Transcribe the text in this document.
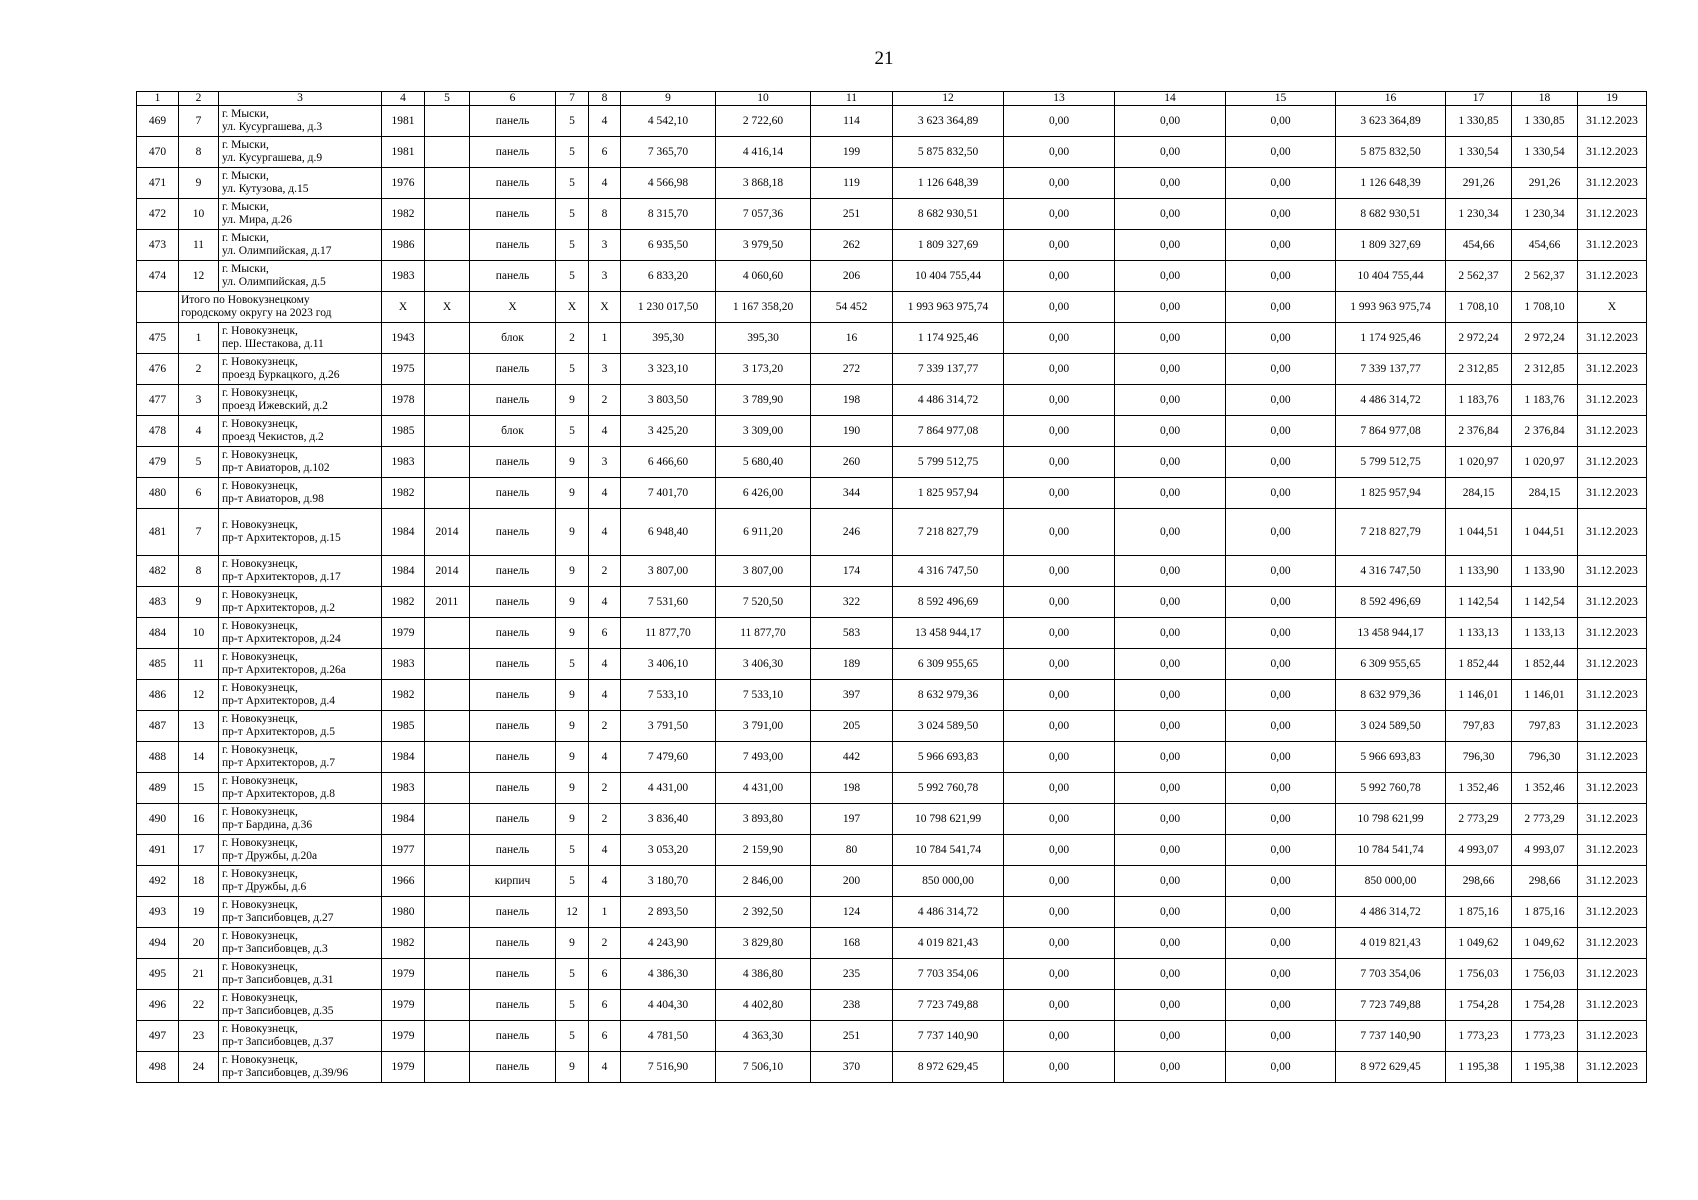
21
1	2	3	4	5	6	7	8	9	10	11	12	13	14	15	16	17	18	19
469	7	г. Мыски,
ул. Кусургашева, д.3	1981		панель	5	4	4 542,10	2 722,60	114	3 623 364,89	0,00	0,00	0,00	3 623 364,89	1 330,85	1 330,85	31.12.2023
470	8	г. Мыски,
ул. Кусургашева, д.9	1981		панель	5	6	7 365,70	4 416,14	199	5 875 832,50	0,00	0,00	0,00	5 875 832,50	1 330,54	1 330,54	31.12.2023
471	9	г. Мыски,
ул. Кутузова, д.15	1976		панель	5	4	4 566,98	3 868,18	119	1 126 648,39	0,00	0,00	0,00	1 126 648,39	291,26	291,26	31.12.2023
472	10	г. Мыски,
ул. Мира, д.26	1982		панель	5	8	8 315,70	7 057,36	251	8 682 930,51	0,00	0,00	0,00	8 682 930,51	1 230,34	1 230,34	31.12.2023
473	11	г. Мыски,
ул. Олимпийская, д.17	1986		панель	5	3	6 935,50	3 979,50	262	1 809 327,69	0,00	0,00	0,00	1 809 327,69	454,66	454,66	31.12.2023
474	12	г. Мыски,
ул. Олимпийская, д.5	1983		панель	5	3	6 833,20	4 060,60	206	10 404 755,44	0,00	0,00	0,00	10 404 755,44	2 562,37	2 562,37	31.12.2023

	Итого по Новокузнецкому
городскому округу на 2023 год		X	X	X	X	X	1 230 017,50	1 167 358,20	54 452	1 993 963 975,74	0,00	0,00	0,00	1 993 963 975,74	1 708,10	1 708,10	X
475	1	г. Новокузнецк,
пер. Шестакова, д.11	1943		блок	2	1	395,30	395,30	16	1 174 925,46	0,00	0,00	0,00	1 174 925,46	2 972,24	2 972,24	31.12.2023
476	2	г. Новокузнецк,
проезд Буркацкого, д.26	1975		панель	5	3	3 323,10	3 173,20	272	7 339 137,77	0,00	0,00	0,00	7 339 137,77	2 312,85	2 312,85	31.12.2023
477	3	г. Новокузнецк,
проезд Ижевский, д.2	1978		панель	9	2	3 803,50	3 789,90	198	4 486 314,72	0,00	0,00	0,00	4 486 314,72	1 183,76	1 183,76	31.12.2023
478	4	г. Новокузнецк,
проезд Чекистов, д.2	1985		блок	5	4	3 425,20	3 309,00	190	7 864 977,08	0,00	0,00	0,00	7 864 977,08	2 376,84	2 376,84	31.12.2023
479	5	г. Новокузнецк,
пр-т Авиаторов, д.102	1983		панель	9	3	6 466,60	5 680,40	260	5 799 512,75	0,00	0,00	0,00	5 799 512,75	1 020,97	1 020,97	31.12.2023
480	6	г. Новокузнецк,
пр-т Авиаторов, д.98	1982		панель	9	4	7 401,70	6 426,00	344	1 825 957,94	0,00	0,00	0,00	1 825 957,94	284,15	284,15	31.12.2023
481	7	г. Новокузнецк,
пр-т Архитекторов, д.15	1984	2014	панель	9	4	6 948,40	6 911,20	246	7 218 827,79	0,00	0,00	0,00	7 218 827,79	1 044,51	1 044,51	31.12.2023
482	8	г. Новокузнецк,
пр-т Архитекторов, д.17	1984	2014	панель	9	2	3 807,00	3 807,00	174	4 316 747,50	0,00	0,00	0,00	4 316 747,50	1 133,90	1 133,90	31.12.2023
483	9	г. Новокузнецк,
пр-т Архитекторов, д.2	1982	2011	панель	9	4	7 531,60	7 520,50	322	8 592 496,69	0,00	0,00	0,00	8 592 496,69	1 142,54	1 142,54	31.12.2023
484	10	г. Новокузнецк,
пр-т Архитекторов, д.24	1979		панель	9	6	11 877,70	11 877,70	583	13 458 944,17	0,00	0,00	0,00	13 458 944,17	1 133,13	1 133,13	31.12.2023
485	11	г. Новокузнецк,
пр-т Архитекторов, д.26а	1983		панель	5	4	3 406,10	3 406,30	189	6 309 955,65	0,00	0,00	0,00	6 309 955,65	1 852,44	1 852,44	31.12.2023
486	12	г. Новокузнецк,
пр-т Архитекторов, д.4	1982		панель	9	4	7 533,10	7 533,10	397	8 632 979,36	0,00	0,00	0,00	8 632 979,36	1 146,01	1 146,01	31.12.2023
487	13	г. Новокузнецк,
пр-т Архитекторов, д.5	1985		панель	9	2	3 791,50	3 791,00	205	3 024 589,50	0,00	0,00	0,00	3 024 589,50	797,83	797,83	31.12.2023
488	14	г. Новокузнецк,
пр-т Архитекторов, д.7	1984		панель	9	4	7 479,60	7 493,00	442	5 966 693,83	0,00	0,00	0,00	5 966 693,83	796,30	796,30	31.12.2023
489	15	г. Новокузнецк,
пр-т Архитекторов, д.8	1983		панель	9	2	4 431,00	4 431,00	198	5 992 760,78	0,00	0,00	0,00	5 992 760,78	1 352,46	1 352,46	31.12.2023
490	16	г. Новокузнецк,
пр-т Бардина, д.36	1984		панель	9	2	3 836,40	3 893,80	197	10 798 621,99	0,00	0,00	0,00	10 798 621,99	2 773,29	2 773,29	31.12.2023
491	17	г. Новокузнецк,
пр-т Дружбы, д.20а	1977		панель	5	4	3 053,20	2 159,90	80	10 784 541,74	0,00	0,00	0,00	10 784 541,74	4 993,07	4 993,07	31.12.2023
492	18	г. Новокузнецк,
пр-т Дружбы, д.6	1966		кирпич	5	4	3 180,70	2 846,00	200	850 000,00	0,00	0,00	0,00	850 000,00	298,66	298,66	31.12.2023
493	19	г. Новокузнецк,
пр-т Запсибовцев, д.27	1980		панель	12	1	2 893,50	2 392,50	124	4 486 314,72	0,00	0,00	0,00	4 486 314,72	1 875,16	1 875,16	31.12.2023
494	20	г. Новокузнецк,
пр-т Запсибовцев, д.3	1982		панель	9	2	4 243,90	3 829,80	168	4 019 821,43	0,00	0,00	0,00	4 019 821,43	1 049,62	1 049,62	31.12.2023
495	21	г. Новокузнецк,
пр-т Запсибовцев, д.31	1979		панель	5	6	4 386,30	4 386,80	235	7 703 354,06	0,00	0,00	0,00	7 703 354,06	1 756,03	1 756,03	31.12.2023
496	22	г. Новокузнецк,
пр-т Запсибовцев, д.35	1979		панель	5	6	4 404,30	4 402,80	238	7 723 749,88	0,00	0,00	0,00	7 723 749,88	1 754,28	1 754,28	31.12.2023
497	23	г. Новокузнецк,
пр-т Запсибовцев, д.37	1979		панель	5	6	4 781,50	4 363,30	251	7 737 140,90	0,00	0,00	0,00	7 737 140,90	1 773,23	1 773,23	31.12.2023
498	24	г. Новокузнецк,
пр-т Запсибовцев, д.39/96	1979		панель	9	4	7 516,90	7 506,10	370	8 972 629,45	0,00	0,00	0,00	8 972 629,45	1 195,38	1 195,38	31.12.2023
